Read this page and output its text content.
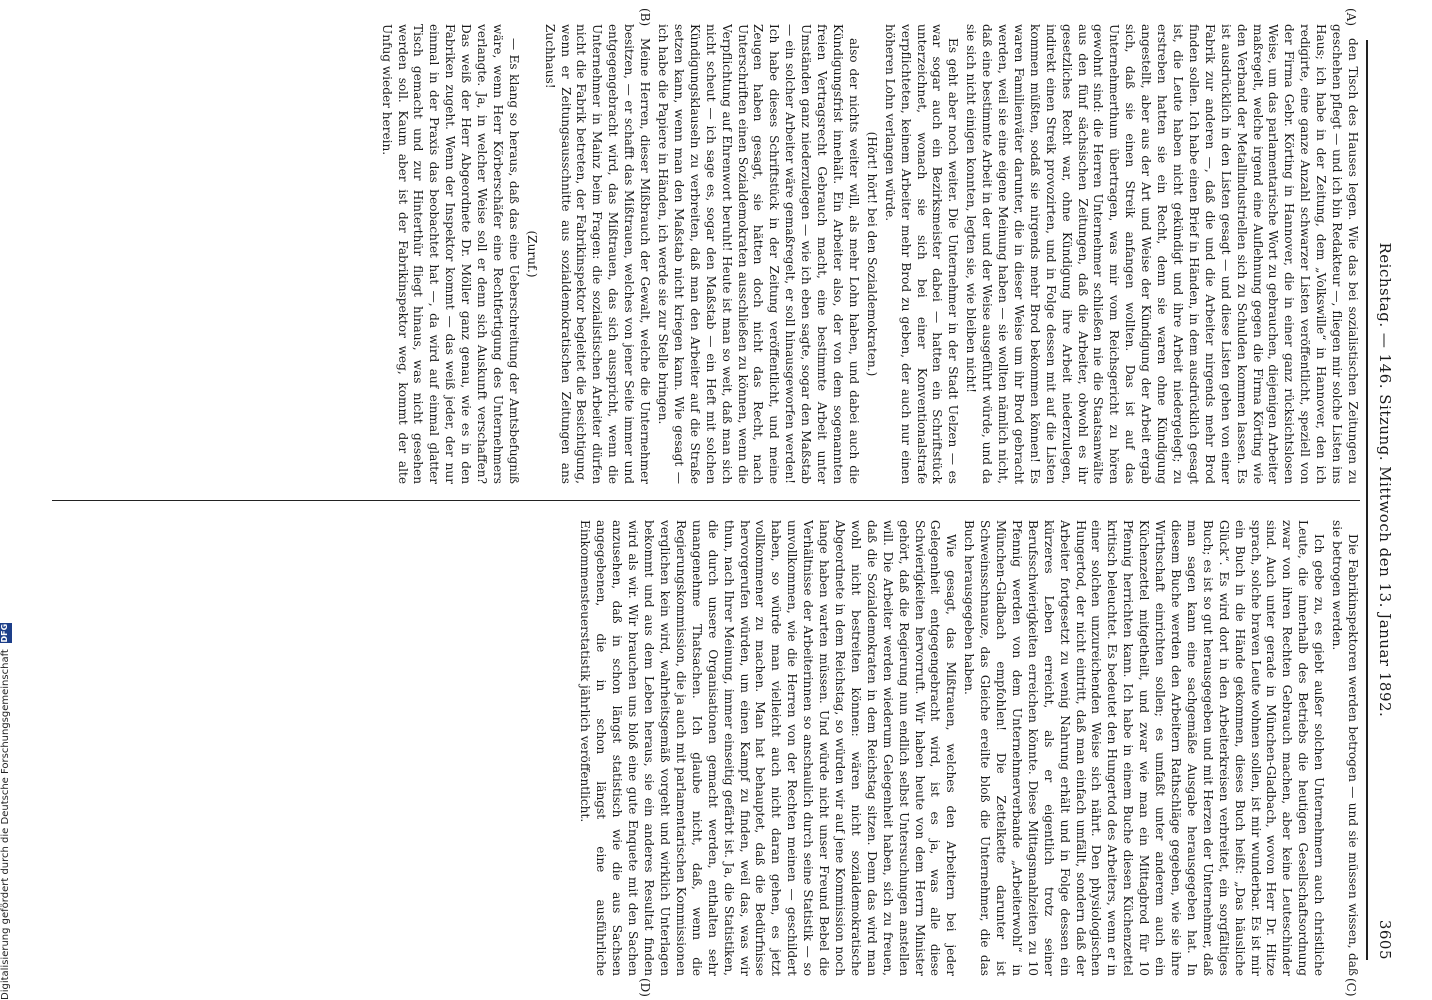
Reichstag. — 146. Sitzung. Mittwoch den 13. Januar 1892.
3605
(A)
(B)
(C)
(D)

den Tisch des Hauses legen. Wie das bei sozialistischen Zeitungen zu geschehen pflegt — und ich bin Redakteur —, fliegen mir solche Listen ins Haus; ich habe in der Zeitung, dem „Volkswille“ in Hannover, den ich redigirte, eine ganze Anzahl schwarzer Listen veröffentlicht, speziell von der Firma Gebr. Körting in Hannover, die in einer ganz rücksichtslosen Weise, um das parlamentarische Wort zu gebrauchen, diejenigen Arbeiter maßregelt, welche irgend eine Auflehnung gegen die Firma Körting wie den Verband der Metallindustriellen sich zu Schulden kommen lassen. Es ist ausdrücklich in den Listen gesagt — und diese Listen gehen von einer Fabrik zur anderen —, daß die und die Arbeiter nirgends mehr Brod finden sollen. Ich habe einen Brief in Händen, in dem ausdrücklich gesagt ist, die Leute haben nicht gekündigt und ihre Arbeit niedergelegt; zu erstreben hatten sie ein Recht, denn sie waren ohne Kündigung angestellt, aber aus der Art und Weise der Kündigung der Arbeit ergab sich, daß sie einen Streik anfangen wollten. Das ist auf das Unternehmerthum übertragen, was mir vom Reichsgericht zu hören gewohnt sind: die Herren Unternehmer schließen nie die Staatsanwälte aus den fünf sächsischen Zeitungen, daß die Arbeiter, obwohl es ihr gesetzliches Recht war, ohne Kündigung ihre Arbeit niederzulegen, indirekt einen Streik provozirten, und in Folge dessen mit auf die Listen kommen müßten, sodaß sie nirgends mehr Brod bekommen können! Es waren Familienväter darunter, die in dieser Weise um ihr Brod gebracht werden, weil sie eine eigene Meinung haben — sie wollten nämlich nicht, daß eine bestimmte Arbeit in der und der Weise ausgeführt würde, und da sie sich nicht einigen konnten, legten sie, wie bleiben nicht!

Es geht aber noch weiter. Die Unternehmer in der Stadt Uelzen — es war sogar auch ein Bezirksmeister dabei — hatten ein Schriftstück unterzeichnet, wonach sie sich bei einer Konventionalstrafe verpflichteten, keinem Arbeiter mehr Brod zu geben, der auch nur einen höheren Lohn verlangen würde.

(Hört! hört! bei den Sozialdemokraten.)

also der nichts weiter will, als mehr Lohn haben, und dabei auch die Kündigungsfrist innehält. Ein Arbeiter also, der von dem sogenannten freien Vertragsrecht Gebrauch macht, eine bestimmte Arbeit unter Umständen ganz niederzulegen — wie ich eben sagte, sogar den Maßstab — ein solcher Arbeiter wäre gemaßregelt, er soll hinausgeworfen werden! Ich habe dieses Schriftstück in der Zeitung veröffentlicht, und meine Zeugen haben gesagt, sie hätten doch nicht das Recht, nach Unterschriften einen Sozialdemokraten ausschließen zu können, wenn die Verpflichtung auf Ehrenwort beruht! Heute ist man so weit, daß man sich nicht scheut — ich sage es, sogar den Maßstab — ein Heft mit solchen Kündigungsklauseln zu verbreiten, daß man den Arbeiter auf die Straße setzen kann, wenn man den Maßstab nicht kriegen kann. Wie gesagt — ich habe die Papiere in Händen, ich werde sie zur Stelle bringen.

Meine Herren, dieser Mißbrauch der Gewalt, welche die Unternehmer besitzen, — er schafft das Mißtrauen, welches von jener Seite immer und entgegengebracht wird, das Mißtrauen, das sich ausspricht, wenn die Unternehmer in Mainz beim Fragen: die sozialistischen Arbeiter dürfen nicht die Fabrik betreten, der Fabrikinspektor begleitet die Besichtigung, wenn er Zeitungsausschnitte aus sozialdemokratischen Zeitungen ans Zuchhaus!

(Zuruf.)

— Es klang so heraus, daß das eine Ueberschreitung der Amtsbefugniß wäre, wenn Herr Körberschäfer eine Rechtfertigung des Unternehmers verlangte. Ja, in welcher Weise soll er denn sich Auskunft verschaffen? Das weiß der Herr Abgeordnete Dr. Möller ganz genau, wie es in den Fabriken zugeht. Wenn der Inspektor kommt — das weiß jeder, der nur einmal in der Praxis das beobachtet hat —, da wird auf einmal glatter Tisch gemacht und zur Hinterthür fliegt hinaus, was nicht gesehen werden soll. Kaum aber ist der Fabrikinspektor weg, kommt der alte Unfug wieder herein.

Die Fabrikinspektoren werden betrogen — und sie müssen wissen, daß sie betrogen werden.

Ich gebe zu, es giebt außer solchen Unternehmern auch christliche Leute, die innerhalb des Betriebs die heutigen Gesellschaftsordnung zwar von ihren Rechten Gebrauch machen, aber keine Leuteschinder sind. Auch unter gerade in München-Gladbach, wovon Herr Dr. Hitze sprach, solche braven Leute wohnen sollen, ist mir wunderbar. Es ist mir ein Buch in die Hände gekommen, dieses Buch heißt: „Das häusliche Glück“. Es wird dort in den Arbeiterkreisen verbreitet, ein sorgfältiges Buch; es ist so gut herausgegeben und mit Herzen der Unternehmer, daß man sagen kann eine sachgemäße Ausgabe herausgegeben hat. In diesem Buche werden den Arbeitern Rathschläge gegeben, wie sie ihre Wirthschaft einrichten sollen; es umfaßt unter anderem auch ein Küchenzettel mitgetheilt, und zwar wie man ein Mittagbrod für 10 Pfennig herrichten kann. Ich habe in einem Buche diesen Küchenzettel kritisch beleuchtet. Es bedeutet den Hungertod des Arbeiters, wenn er in einer solchen unzureichenden Weise sich nährt. Den physiologischen Hungertod, der nicht eintritt, daß man einfach umfällt, sondern daß der Arbeiter fortgesetzt zu wenig Nahrung erhält und in Folge dessen ein kürzeres Leben erreicht, als er eigentlich trotz seiner Berufsschwierigkeiten erreichen könnte. Diese Mittagsmahlzeiten zu 10 Pfennig werden von dem Unternehmerverbande „Arbeiterwohl“ in München-Gladbach empfohlen! Die Zettelkette darunter ist Schweinsschnauze, das Gleiche ereilte bloß die Unternehmer, die das Buch herausgegeben haben.

Wie gesagt, das Mißtrauen, welches den Arbeitern bei jeder Gelegenheit entgegengebracht wird, ist es ja, was alle diese Schwierigkeiten hervorruft. Wir haben heute von dem Herrn Minister gehört, daß die Regierung nun endlich selbst Untersuchungen anstellen will. Die Arbeiter werden wiederum Gelegenheit haben, sich zu freuen, daß die Sozialdemokraten in dem Reichstag sitzen. Denn das wird man wohl nicht bestreiten können: wären nicht sozialdemokratische Abgeordnete in dem Reichstag, so würden wir auf jene Kommission noch lange haben warten müssen. Und würde nicht unser Freund Bebel die Verhältnisse der Arbeiterinnen so anschaulich durch seine Statistik — so unvollkommen, wie die Herren von der Rechten meinen — geschildert haben, so würde man vielleicht auch nicht daran gehen, es jetzt vollkommener zu machen. Man hat behauptet, daß die Bedürfnisse hervorgerufen würden, um einen Kampf zu finden, weil das, was wir thun, nach Ihrer Meinung, immer einseitig gefärbt ist. Ja, die Statistiken, die durch unsere Organisationen gemacht werden, enthalten sehr unangenehme Thatsachen. Ich glaube nicht, daß, wenn die Regierungskommission, die ja auch mit parlamentarischen Kommissionen verglichen kein wird, wahrheitsgemäß vorgeht und wirklich Unterlagen bekommt und aus dem Leben heraus, sie ein anderes Resultat finden wird als wir. Wir brauchen uns bloß eine gute Enquete mit den Sachen anzusehen, daß in schon längst statistisch wie die aus Sachsen angegebenen, die in schon längst eine ausführliche Einkommensteuerstatistik jährlich veröffentlicht.

Digitalisierung gefördert durch die Deutsche Forschungsgemeinschaft
DFG
